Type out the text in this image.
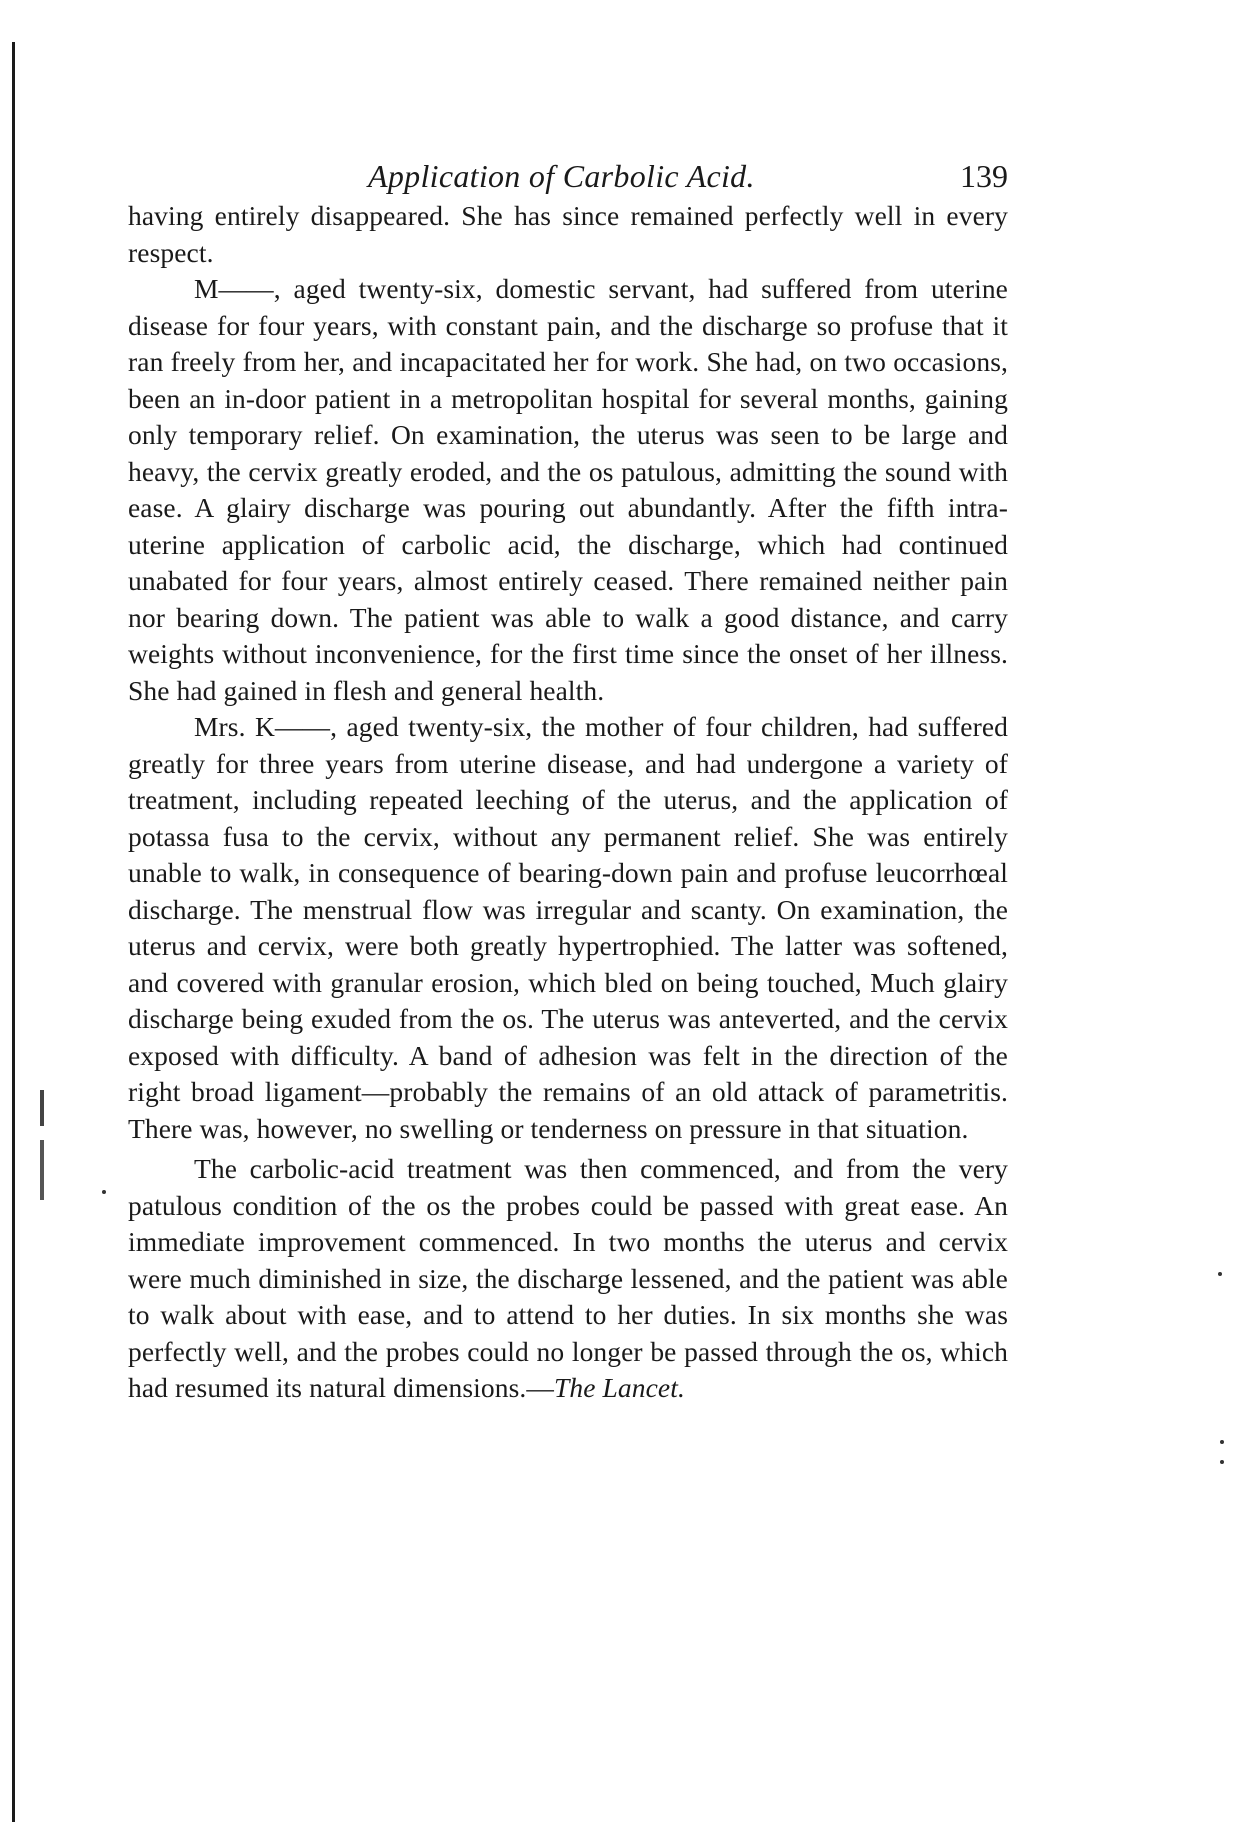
Application of Carbolic Acid.	139

having entirely disappeared. She has since remained perfectly well in every respect.

M——, aged twenty-six, domestic servant, had suffered from uterine disease for four years, with constant pain, and the discharge so profuse that it ran freely from her, and incapacitated her for work. She had, on two occasions, been an in-door patient in a metropolitan hospital for several months, gaining only temporary relief. On examination, the uterus was seen to be large and heavy, the cervix greatly eroded, and the os patulous, admitting the sound with ease. A glairy discharge was pouring out abundantly. After the fifth intra-uterine application of carbolic acid, the discharge, which had continued unabated for four years, almost entirely ceased. There remained neither pain nor bearing down. The patient was able to walk a good distance, and carry weights without inconvenience, for the first time since the onset of her illness. She had gained in flesh and general health.

Mrs. K——, aged twenty-six, the mother of four children, had suffered greatly for three years from uterine disease, and had undergone a variety of treatment, including repeated leeching of the uterus, and the application of potassa fusa to the cervix, without any permanent relief. She was entirely unable to walk, in consequence of bearing-down pain and profuse leucorrhœal discharge. The menstrual flow was irregular and scanty. On examination, the uterus and cervix, were both greatly hypertrophied. The latter was softened, and covered with granular erosion, which bled on being touched, Much glairy discharge being exuded from the os. The uterus was anteverted, and the cervix exposed with difficulty. A band of adhesion was felt in the direction of the right broad ligament—probably the remains of an old attack of parametritis. There was, however, no swelling or tenderness on pressure in that situation.

The carbolic-acid treatment was then commenced, and from the very patulous condition of the os the probes could be passed with great ease. An immediate improvement commenced. In two months the uterus and cervix were much diminished in size, the discharge lessened, and the patient was able to walk about with ease, and to attend to her duties. In six months she was perfectly well, and the probes could no longer be passed through the os, which had resumed its natural dimensions.—The Lancet.
